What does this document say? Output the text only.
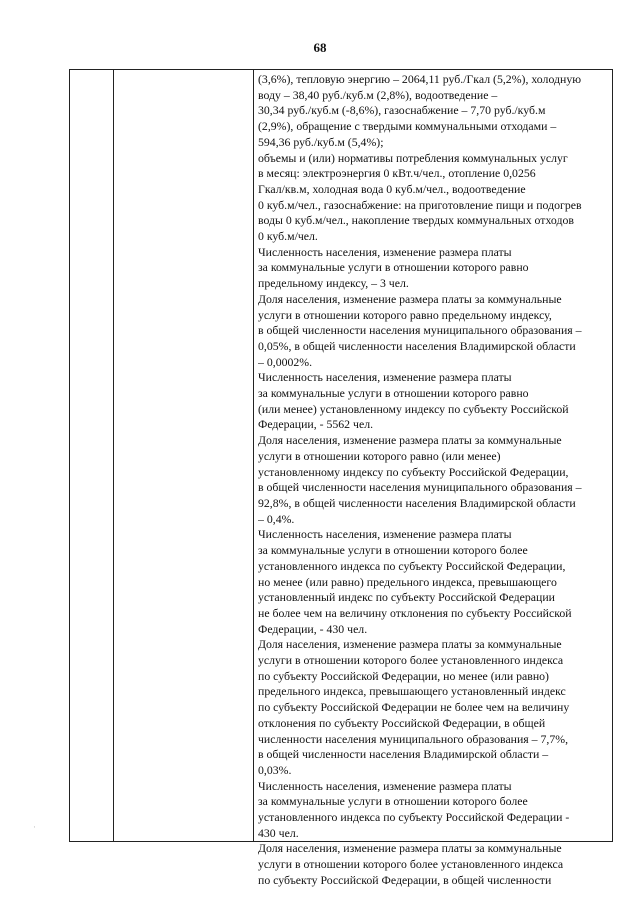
68
(3,6%), тепловую энергию – 2064,11 руб./Гкал (5,2%), холодную
воду – 38,40 руб./куб.м (2,8%), водоотведение –
30,34 руб./куб.м (-8,6%), газоснабжение – 7,70 руб./куб.м
(2,9%), обращение с твердыми коммунальными отходами –
594,36 руб./куб.м (5,4%);
объемы и (или) нормативы потребления коммунальных услуг
в месяц: электроэнергия 0 кВт.ч/чел., отопление 0,0256
Гкал/кв.м, холодная вода 0 куб.м/чел., водоотведение
0 куб.м/чел., газоснабжение: на приготовление пищи и подогрев
воды 0 куб.м/чел., накопление твердых коммунальных отходов
0 куб.м/чел.
Численность населения, изменение размера платы
за коммунальные услуги в отношении которого равно
предельному индексу, – 3 чел.
Доля населения, изменение размера платы за коммунальные
услуги в отношении которого равно предельному индексу,
в общей численности населения муниципального образования –
0,05%, в общей численности населения Владимирской области
– 0,0002%.
Численность населения, изменение размера платы
за коммунальные услуги в отношении которого равно
(или менее) установленному индексу по субъекту Российской
Федерации, - 5562 чел.
Доля населения, изменение размера платы за коммунальные
услуги в отношении которого равно (или менее)
установленному индексу по субъекту Российской Федерации,
в общей численности населения муниципального образования –
92,8%, в общей численности населения Владимирской области
– 0,4%.
Численность населения, изменение размера платы
за коммунальные услуги в отношении которого более
установленного индекса по субъекту Российской Федерации,
но менее (или равно) предельного индекса, превышающего
установленный индекс по субъекту Российской Федерации
не более чем на величину отклонения по субъекту Российской
Федерации, - 430 чел.
Доля населения, изменение размера платы за коммунальные
услуги в отношении которого более установленного индекса
по субъекту Российской Федерации, но менее (или равно)
предельного индекса, превышающего установленный индекс
по субъекту Российской Федерации не более чем на величину
отклонения по субъекту Российской Федерации, в общей
численности населения муниципального образования – 7,7%,
в общей численности населения Владимирской области –
0,03%.
Численность населения, изменение размера платы
за коммунальные услуги в отношении которого более
установленного индекса по субъекту Российской Федерации -
430 чел.
Доля населения, изменение размера платы за коммунальные
услуги в отношении которого более установленного индекса
по субъекту Российской Федерации, в общей численности
·
